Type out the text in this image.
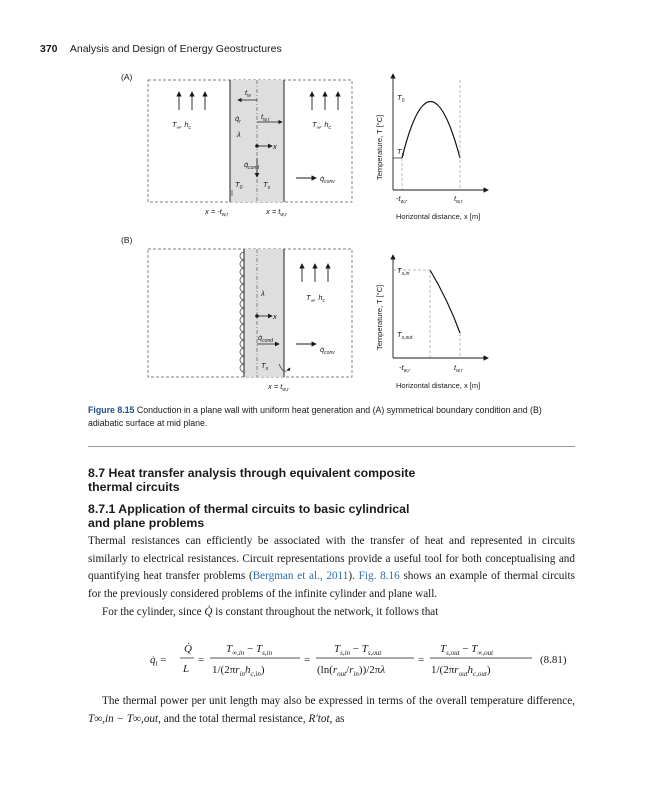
370 Analysis and Design of Energy Geostructures
(A)
$T_\infty$, $h_c$	$T_\infty$, $h_c$
$t_w$
$t_{w,r}$
$q̇_r$
λ
x
$q̇_{cond}$
$T_0$	$T_s$
$q̇_{conv}$
$x = -t_{w,r}$	$x = t_{w,r}$
Temperature, T [°C]
Horizontal distance, x [m]
$T_0$
$T_s$
$-t_{w,r}$	$t_{w,r}$
(B)
$T_\infty$, $h_c$
λ
x
$q̇_{cond}$
$q̇_{conv}$
$T_s$
$x = t_{w,r}$
Temperature, T [°C]
Horizontal distance, x [m]
$T_{s,in}$
$T_{s,out}$
$-t_{w,r}$	$t_{w,r}$
Figure 8.15 Conduction in a plane wall with uniform heat generation and (A) symmetrical boundary condition and (B) adiabatic surface at mid plane.
8.7 Heat transfer analysis through equivalent composite
thermal circuits
8.7.1 Application of thermal circuits to basic cylindrical
and plane problems
Thermal resistances can efficiently be associated with the transfer of heat and represented in circuits similarly to electrical resistances. Circuit representations provide a useful tool for both conceptualising and quantifying heat transfer problems (Bergman et al., 2011). Fig. 8.16 shows an example of thermal circuits for the previously considered problems of the infinite cylinder and plane wall.
For the cylinder, since Q̇ is constant throughout the network, it follows that
$q̇_l$ =
Q̇
L
=
$T_{\infty,in} - T_{s,in}$
$1/(2\pi r_{in}h_{c,in})$
=
$T_{s,in} - T_{s,out}$
$(\ln(r_{out}/r_{in}))/2\pi\lambda$
=
$T_{s,out} - T_{\infty,out}$
$1/(2\pi r_{out}h_{c,out})$
(8.81)
The thermal power per unit length may also be expressed in terms of the overall temperature difference, T∞,in − T∞,out, and the total thermal resistance, R′tot, as
